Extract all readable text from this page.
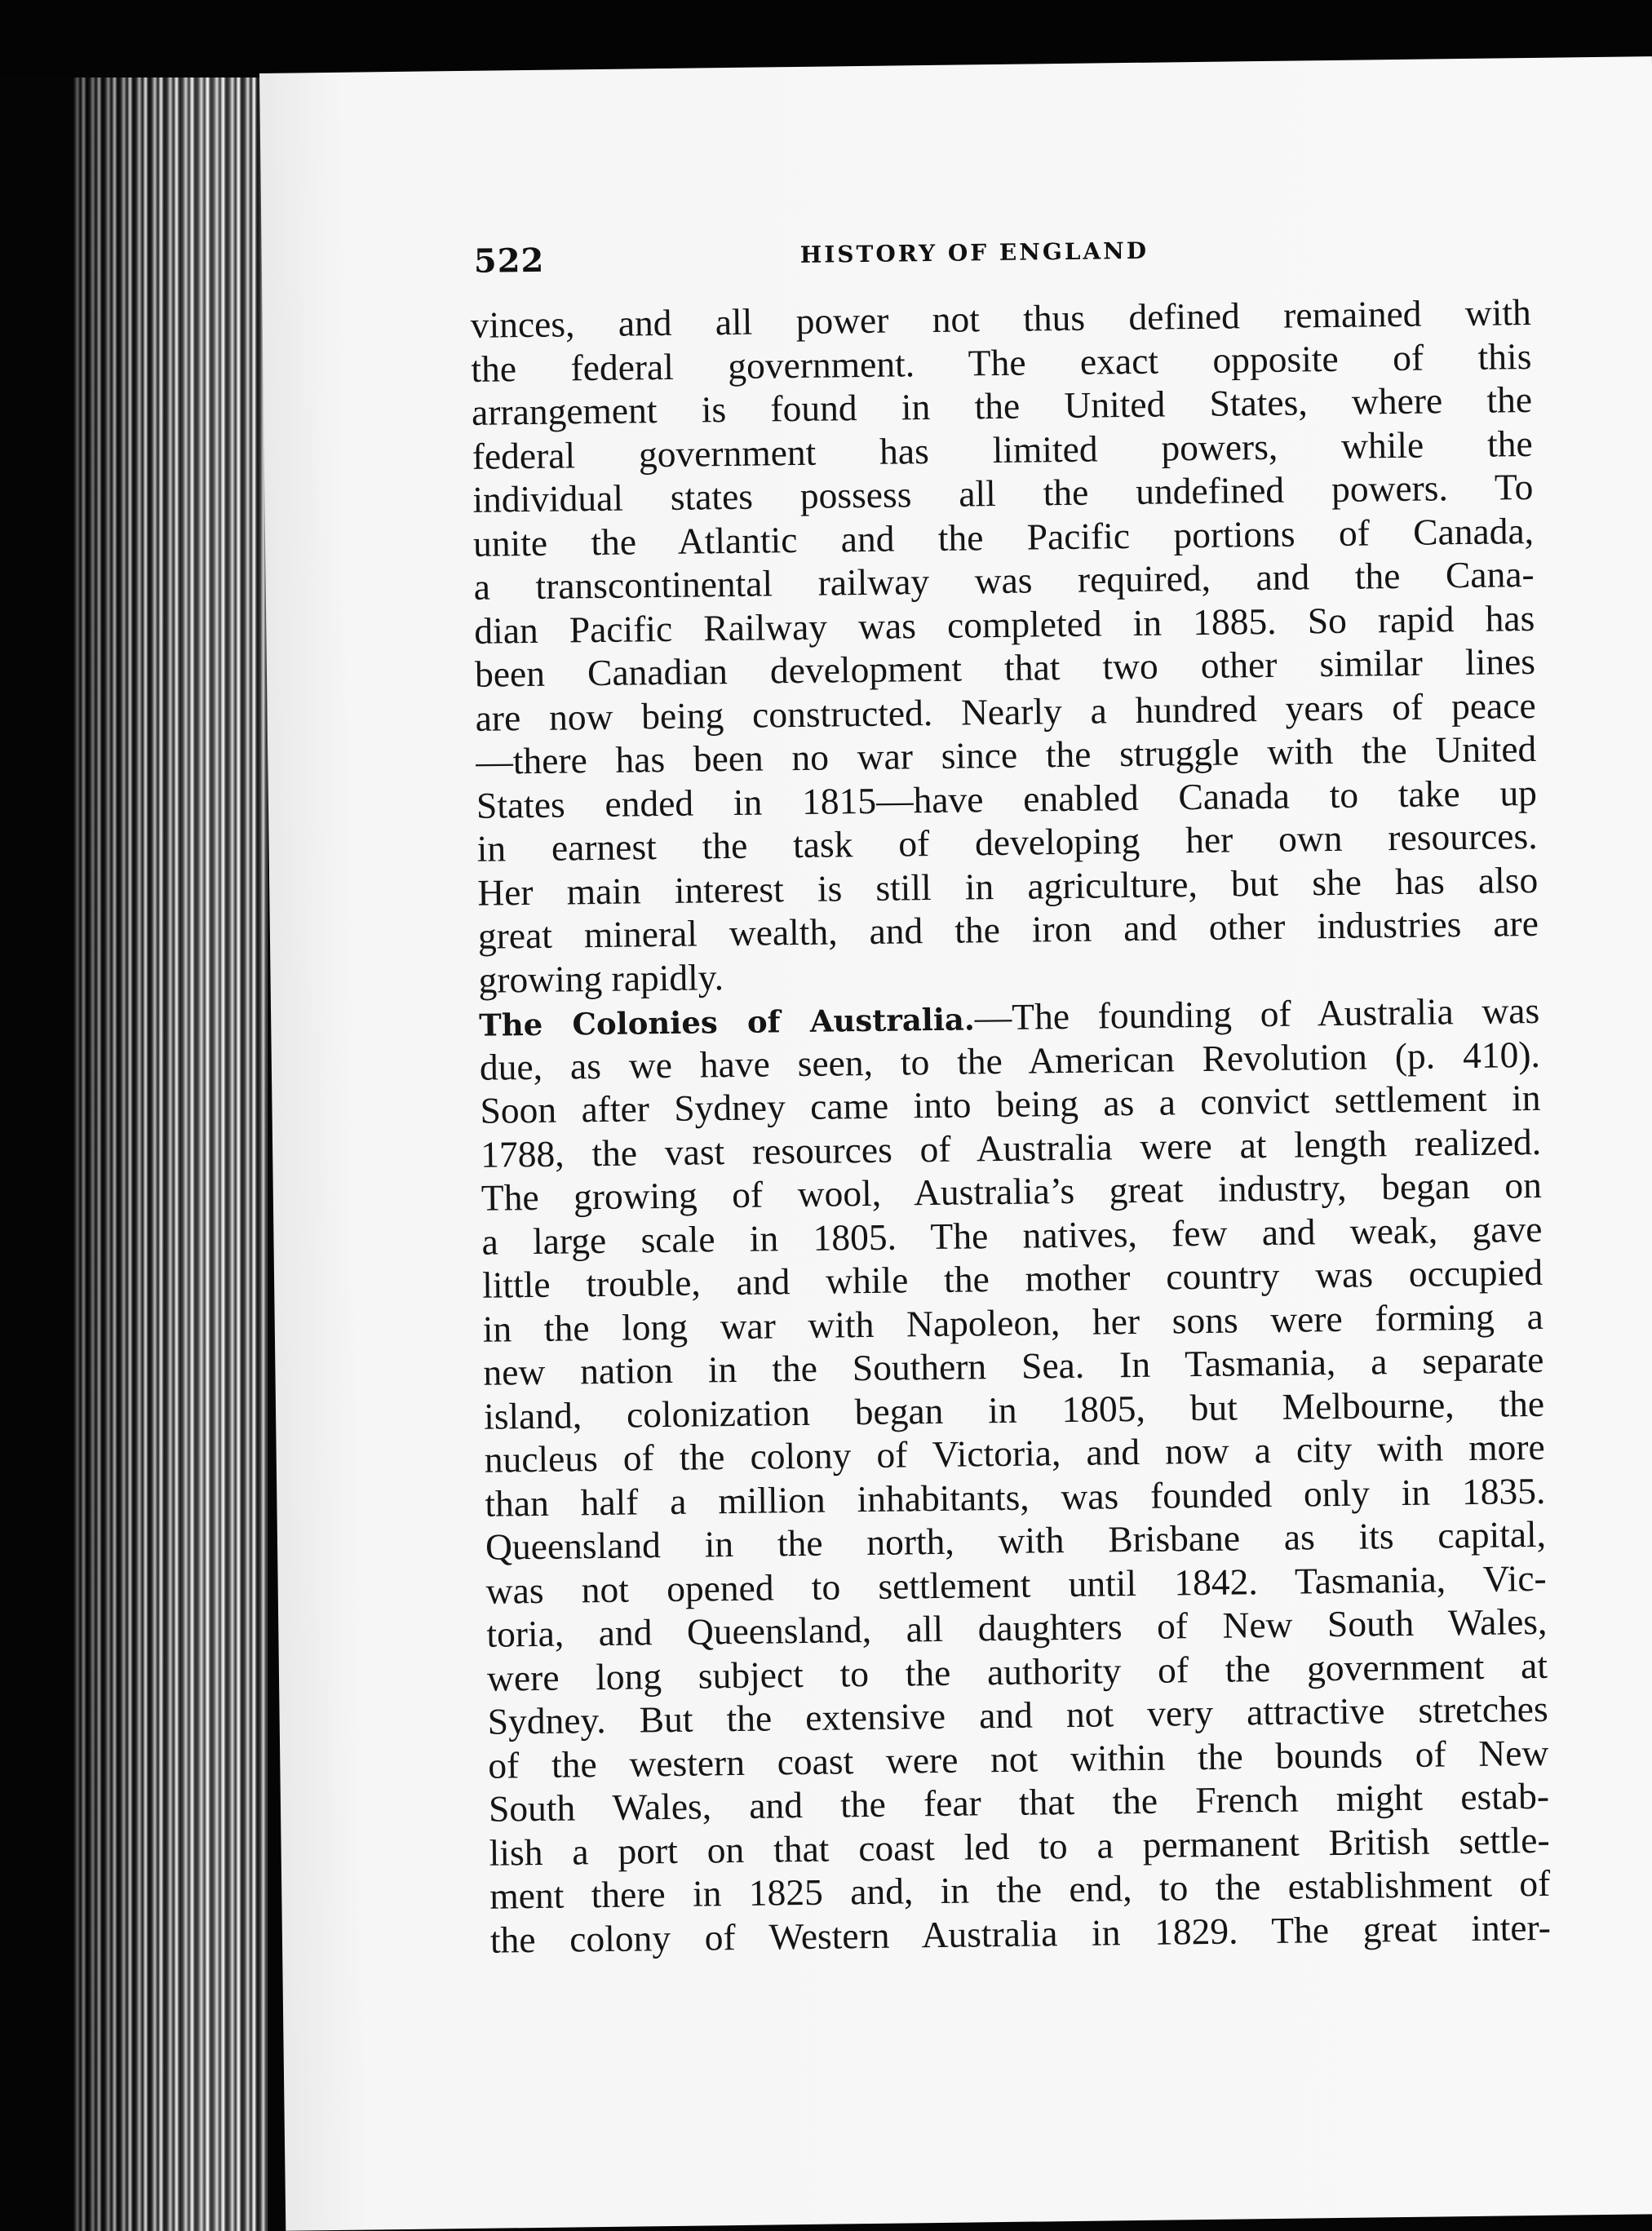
522	HISTORY OF ENGLAND
vinces, and all power not thus defined remained with
the federal government. The exact opposite of this
arrangement is found in the United States, where the
federal government has limited powers, while the
individual states possess all the undefined powers. To
unite the Atlantic and the Pacific portions of Canada,
a transcontinental railway was required, and the Cana-
dian Pacific Railway was completed in 1885. So rapid has
been Canadian development that two other similar lines
are now being constructed. Nearly a hundred years of peace
—there has been no war since the struggle with the United
States ended in 1815—have enabled Canada to take up
in earnest the task of developing her own resources.
Her main interest is still in agriculture, but she has also
great mineral wealth, and the iron and other industries are
growing rapidly.
The Colonies of Australia.—The founding of Australia was
due, as we have seen, to the American Revolution (p. 410).
Soon after Sydney came into being as a convict settlement in
1788, the vast resources of Australia were at length realized.
The growing of wool, Australia’s great industry, began on
a large scale in 1805. The natives, few and weak, gave
little trouble, and while the mother country was occupied
in the long war with Napoleon, her sons were forming a
new nation in the Southern Sea. In Tasmania, a separate
island, colonization began in 1805, but Melbourne, the
nucleus of the colony of Victoria, and now a city with more
than half a million inhabitants, was founded only in 1835.
Queensland in the north, with Brisbane as its capital,
was not opened to settlement until 1842. Tasmania, Vic-
toria, and Queensland, all daughters of New South Wales,
were long subject to the authority of the government at
Sydney. But the extensive and not very attractive stretches
of the western coast were not within the bounds of New
South Wales, and the fear that the French might estab-
lish a port on that coast led to a permanent British settle-
ment there in 1825 and, in the end, to the establishment of
the colony of Western Australia in 1829. The great inter-
